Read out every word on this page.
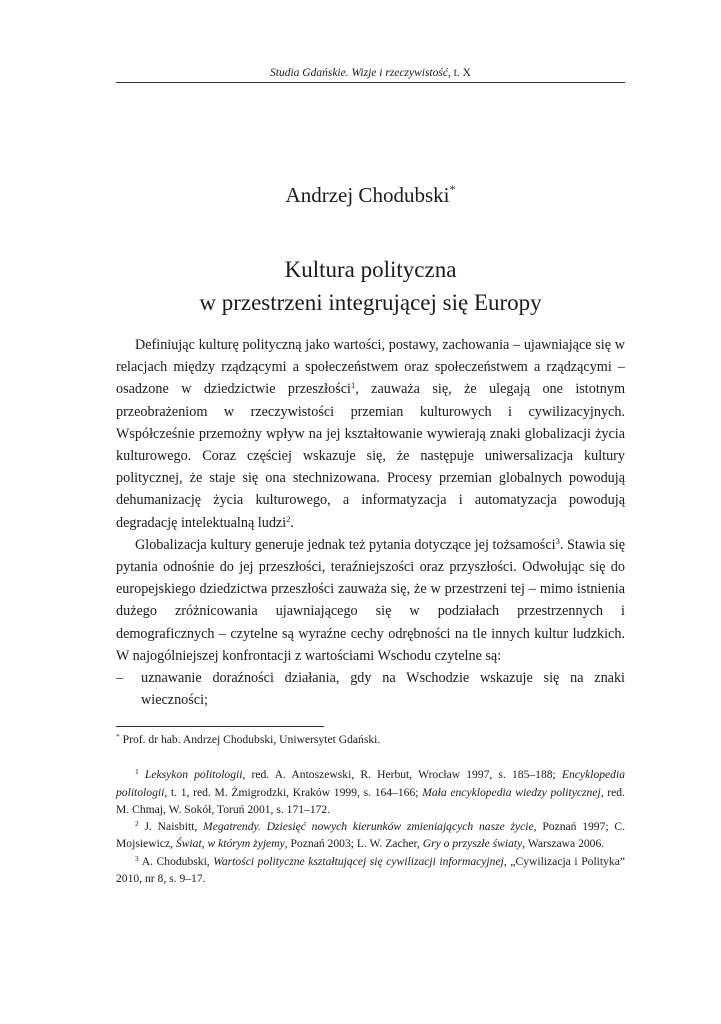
Studia Gdańskie. Wizje i rzeczywistość, t. X
Andrzej Chodubski*
Kultura polityczna
w przestrzeni integrującej się Europy

Definiując kulturę polityczną jako wartości, postawy, zachowania – ujawniające się w relacjach między rządzącymi a społeczeństwem oraz społeczeństwem a rządzącymi – osadzone w dziedzictwie przeszłości$^1$, zauważa się, że ulegają one istotnym przeobrażeniom w rzeczywistości przemian kulturowych i cywilizacyjnych. Współcześnie przemożny wpływ na jej kształtowanie wywierają znaki globalizacji życia kulturowego. Coraz częściej wskazuje się, że następuje uniwersalizacja kultury politycznej, że staje się ona stechnizowana. Procesy przemian globalnych powodują dehumanizację życia kulturowego, a informatyzacja i automatyzacja powodują degradację intelektualną ludzi$^2$.

Globalizacja kultury generuje jednak też pytania dotyczące jej tożsamości$^3$. Stawia się pytania odnośnie do jej przeszłości, teraźniejszości oraz przyszłości. Odwołując się do europejskiego dziedzictwa przeszłości zauważa się, że w przestrzeni tej – mimo istnienia dużego zróżnicowania ujawniającego się w podziałach przestrzennych i demograficznych – czytelne są wyraźne cechy odrębności na tle innych kultur ludzkich. W najogólniejszej konfrontacji z wartościami Wschodu czytelne są:

– uznawanie doraźności działania, gdy na Wschodzie wskazuje się na znaki wieczności;

* Prof. dr hab. Andrzej Chodubski, Uniwersytet Gdański.

$^1$ Leksykon politologii, red. A. Antoszewski, R. Herbut, Wrocław 1997, s. 185–188; Encyklopedia politologii, t. 1, red. M. Żmigrodzki, Kraków 1999, s. 164–166; Mała encyklopedia wiedzy politycznej, red. M. Chmaj, W. Sokół, Toruń 2001, s. 171–172.

$^2$ J. Naisbitt, Megatrendy. Dziesięć nowych kierunków zmieniających nasze życie, Poznań 1997; C. Mojsiewicz, Świat, w którym żyjemy, Poznań 2003; L. W. Zacher, Gry o przyszłe światy, Warszawa 2006.

$^3$ A. Chodubski, Wartości polityczne kształtującej się cywilizacji informacyjnej, „Cywilizacja i Polityka” 2010, nr 8, s. 9–17.
